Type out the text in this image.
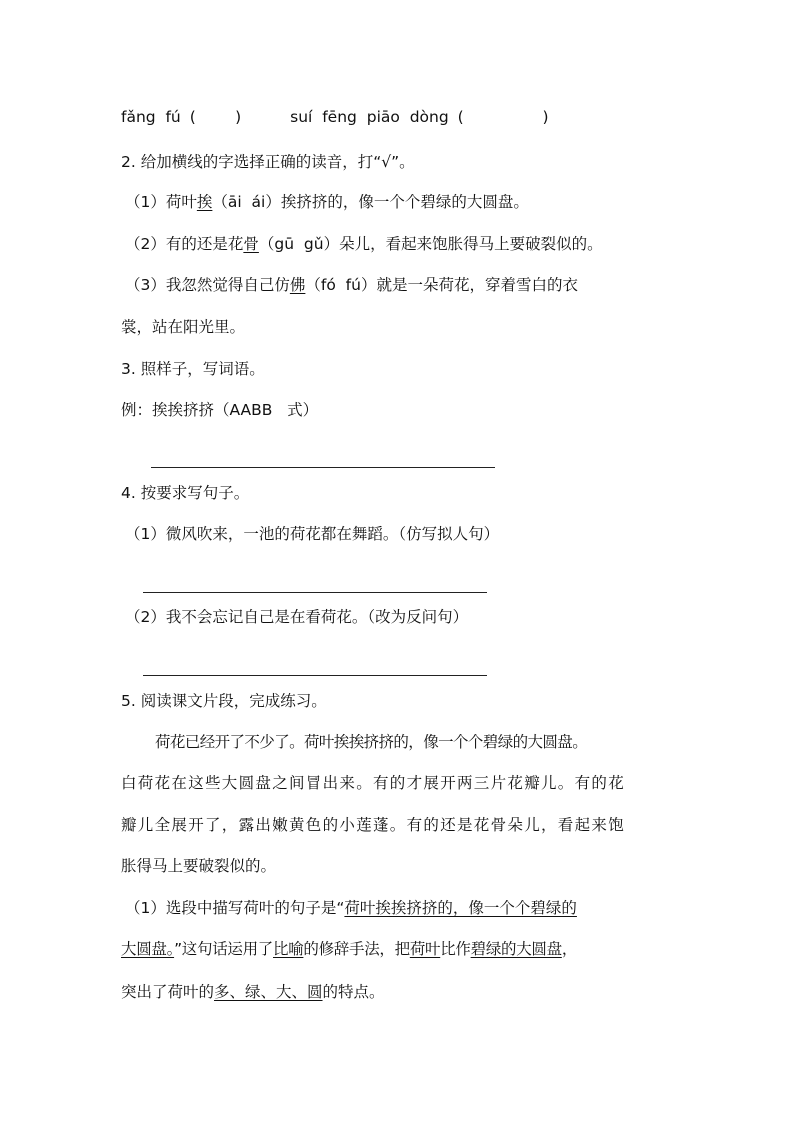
fǎng  fú (        )	suí  fēng  piāo  dòng (                )
2. 给加横线的字选择正确的读音，打“√”。
（1）荷叶挨（āi  ái）挨挤挤的，像一个个碧绿的大圆盘。
（2）有的还是花骨（gū  gǔ）朵儿，看起来饱胀得马上要破裂似的。
（3）我忽然觉得自己仿佛（fó  fú）就是一朵荷花，穿着雪白的衣
裳，站在阳光里。
3. 照样子，写词语。
例：挨挨挤挤（AABB   式）
4. 按要求写句子。
（1）微风吹来，一池的荷花都在舞蹈。（仿写拟人句）
（2）我不会忘记自己是在看荷花。（改为反问句）
5. 阅读课文片段，完成练习。
荷花已经开了不少了。荷叶挨挨挤挤的，像一个个碧绿的大圆盘。
白荷花在这些大圆盘之间冒出来。有的才展开两三片花瓣儿。有的花
瓣儿全展开了，露出嫩黄色的小莲蓬。有的还是花骨朵儿，看起来饱
胀得马上要破裂似的。
（1）选段中描写荷叶的句子是“荷叶挨挨挤挤的，像一个个碧绿的
大圆盘。”这句话运用了比喻的修辞手法，把荷叶比作碧绿的大圆盘，
突出了荷叶的多、绿、大、圆的特点。
